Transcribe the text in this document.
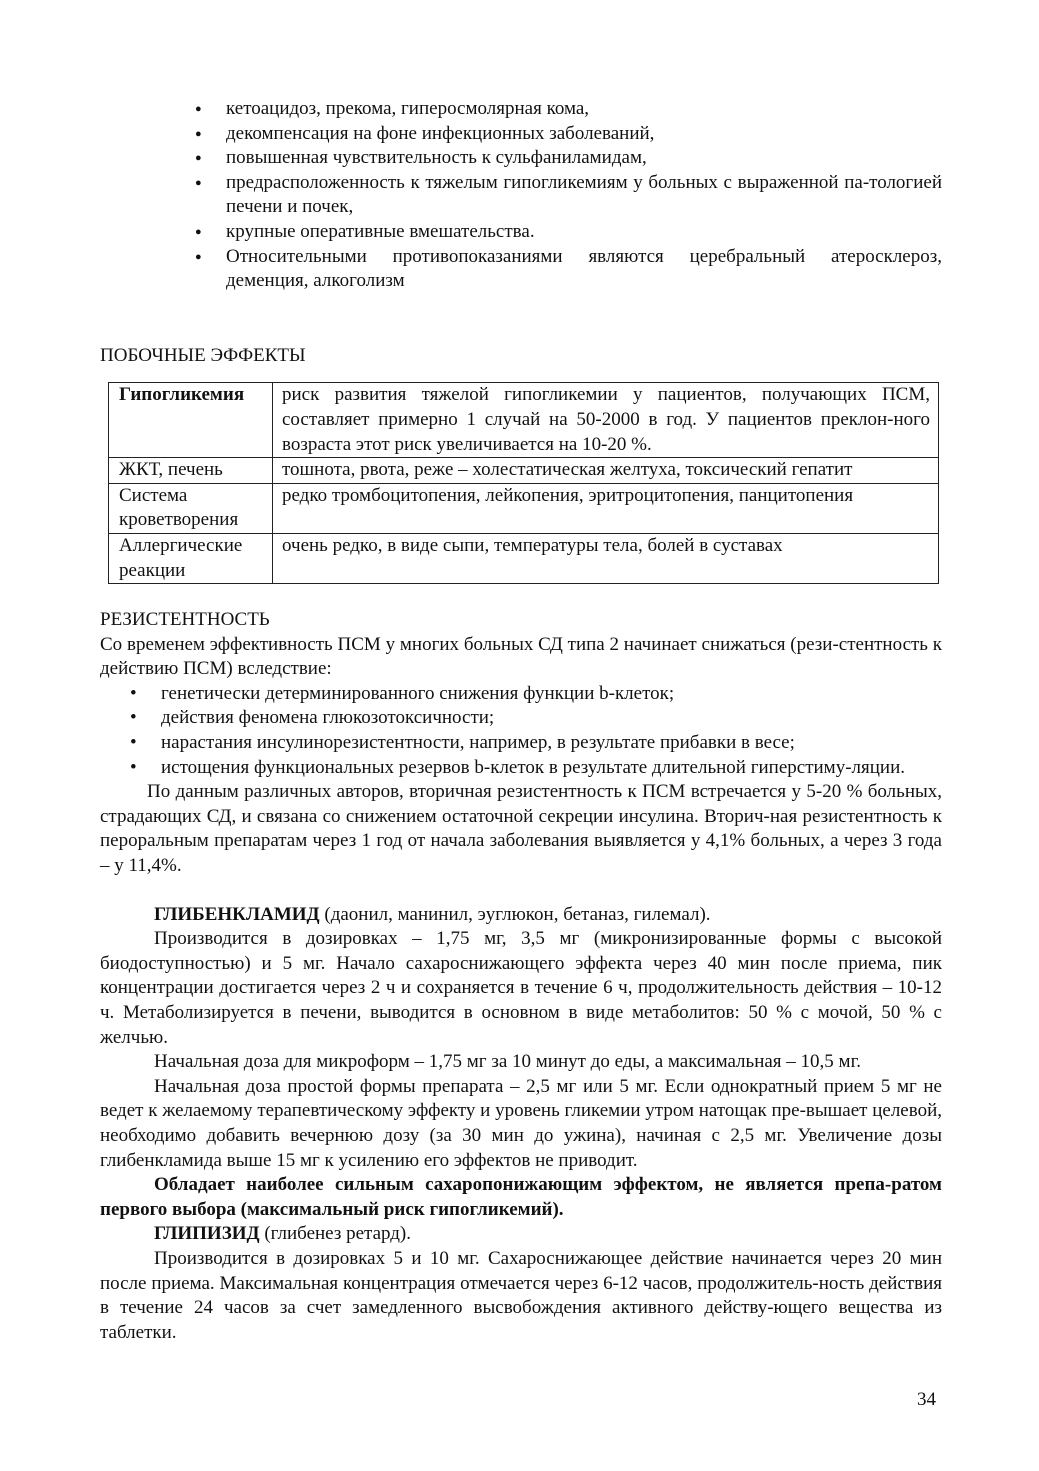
● кетоацидоз, прекома, гиперосмолярная кома,
● декомпенсация на фоне инфекционных заболеваний,
● повышенная чувствительность к сульфаниламидам,
● предрасположенность к тяжелым гипогликемиям у больных с выраженной па-тологией печени и почек,
● крупные оперативные вмешательства.
● Относительными противопоказаниями являются церебральный атеросклероз, деменция, алкоголизм
ПОБОЧНЫЕ ЭФФЕКТЫ
Гипогликемия	риск развития тяжелой гипогликемии у пациентов, получающих ПСМ, составляет примерно 1 случай на 50-2000 в год. У пациентов преклон-ного возраста этот риск увеличивается на 10-20 %.
ЖКТ, печень	тошнота, рвота, реже – холестатическая желтуха, токсический гепатит
Система кроветворения	редко тромбоцитопения, лейкопения, эритроцитопения, панцитопения
Аллергические реакции	очень редко, в виде сыпи, температуры тела, болей в суставах
РЕЗИСТЕНТНОСТЬ

Со временем эффективность ПСМ у многих больных СД типа 2 начинает снижаться (рези-стентность к действию ПСМ) вследствие:

• генетически детерминированного снижения функции b-клеток;
• действия феномена глюкозотоксичности;
• нарастания инсулинорезистентности, например, в результате прибавки в весе;
• истощения функциональных резервов b-клеток в результате длительной гиперстиму-ляции.

По данным различных авторов, вторичная резистентность к ПСМ встречается у 5-20 % больных, страдающих СД, и связана со снижением остаточной секреции инсулина. Вторич-ная резистентность к пероральным препаратам через 1 год от начала заболевания выявляется у 4,1% больных, а через 3 года – у 11,4%.

ГЛИБЕНКЛАМИД (даонил, манинил, эуглюкон, бетаназ, гилемал).

Производится в дозировках – 1,75 мг, 3,5 мг (микронизированные формы с высокой биодоступностью) и 5 мг. Начало сахароснижающего эффекта через 40 мин после приема, пик концентрации достигается через 2 ч и сохраняется в течение 6 ч, продолжительность действия – 10-12 ч. Метаболизируется в печени, выводится в основном в виде метаболитов: 50 % с мочой, 50 % с желчью.

Начальная доза для микроформ – 1,75 мг за 10 минут до еды, а максимальная – 10,5 мг.

Начальная доза простой формы препарата – 2,5 мг или 5 мг. Если однократный прием 5 мг не ведет к желаемому терапевтическому эффекту и уровень гликемии утром натощак пре-вышает целевой, необходимо добавить вечернюю дозу (за 30 мин до ужина), начиная с 2,5 мг. Увеличение дозы глибенкламида выше 15 мг к усилению его эффектов не приводит.

Обладает наиболее сильным сахаропонижающим эффектом, не является препа-ратом первого выбора (максимальный риск гипогликемий).

ГЛИПИЗИД (глибенез ретард).

Производится в дозировках 5 и 10 мг. Сахароснижающее действие начинается через 20 мин после приема. Максимальная концентрация отмечается через 6-12 часов, продолжитель-ность действия в течение 24 часов за счет замедленного высвобождения активного действу-ющего вещества из таблетки.

34
